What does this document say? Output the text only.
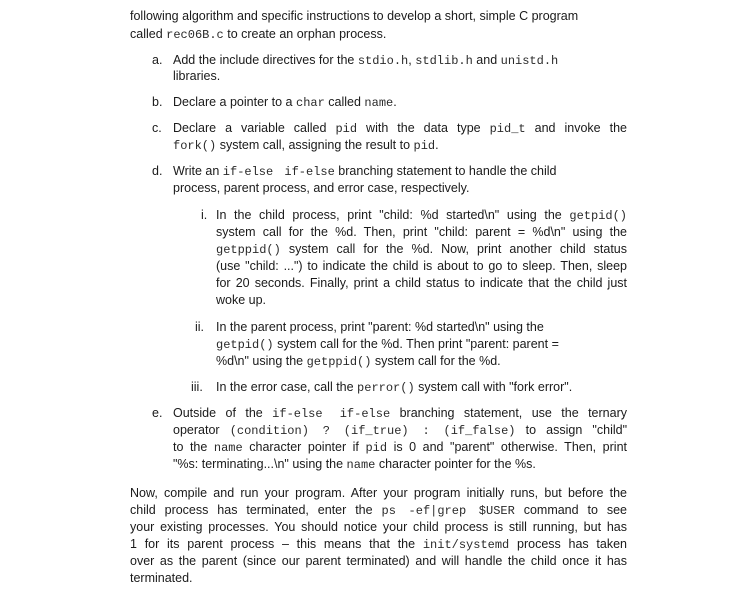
following algorithm and specific instructions to develop a short, simple C program
called rec06B.c to create an orphan process.
a. Add the include directives for the stdio.h, stdlib.h and unistd.h
libraries.
b. Declare a pointer to a char called name.
c. Declare a variable called pid with the data type pid_t and invoke the
fork() system call, assigning the result to pid.
d. Write an if-else if-else branching statement to handle the child
process, parent process, and error case, respectively.
i. In the child process, print "child: %d started\n" using the getpid()
system call for the %d. Then, print "child: parent = %d\n" using the
getppid() system call for the %d. Now, print another child status
(use "child: ...") to indicate the child is about to go to sleep. Then, sleep
for 20 seconds. Finally, print a child status to indicate that the child just
woke up.
ii. In the parent process, print "parent: %d started\n" using the
getpid() system call for the %d. Then print "parent: parent =
%d\n" using the getppid() system call for the %d.
iii. In the error case, call the perror() system call with "fork error".
e. Outside of the if-else if-else branching statement, use the ternary
operator (condition) ? (if_true) : (if_false) to assign "child"
to the name character pointer if pid is 0 and "parent" otherwise. Then, print
"%s: terminating...\n" using the name character pointer for the %s.
Now, compile and run your program. After your program initially runs, but before the
child process has terminated, enter the ps -ef|grep $USER command to see
your existing processes. You should notice your child process is still running, but has
1 for its parent process – this means that the init/systemd process has taken
over as the parent (since our parent terminated) and will handle the child once it has
terminated.
